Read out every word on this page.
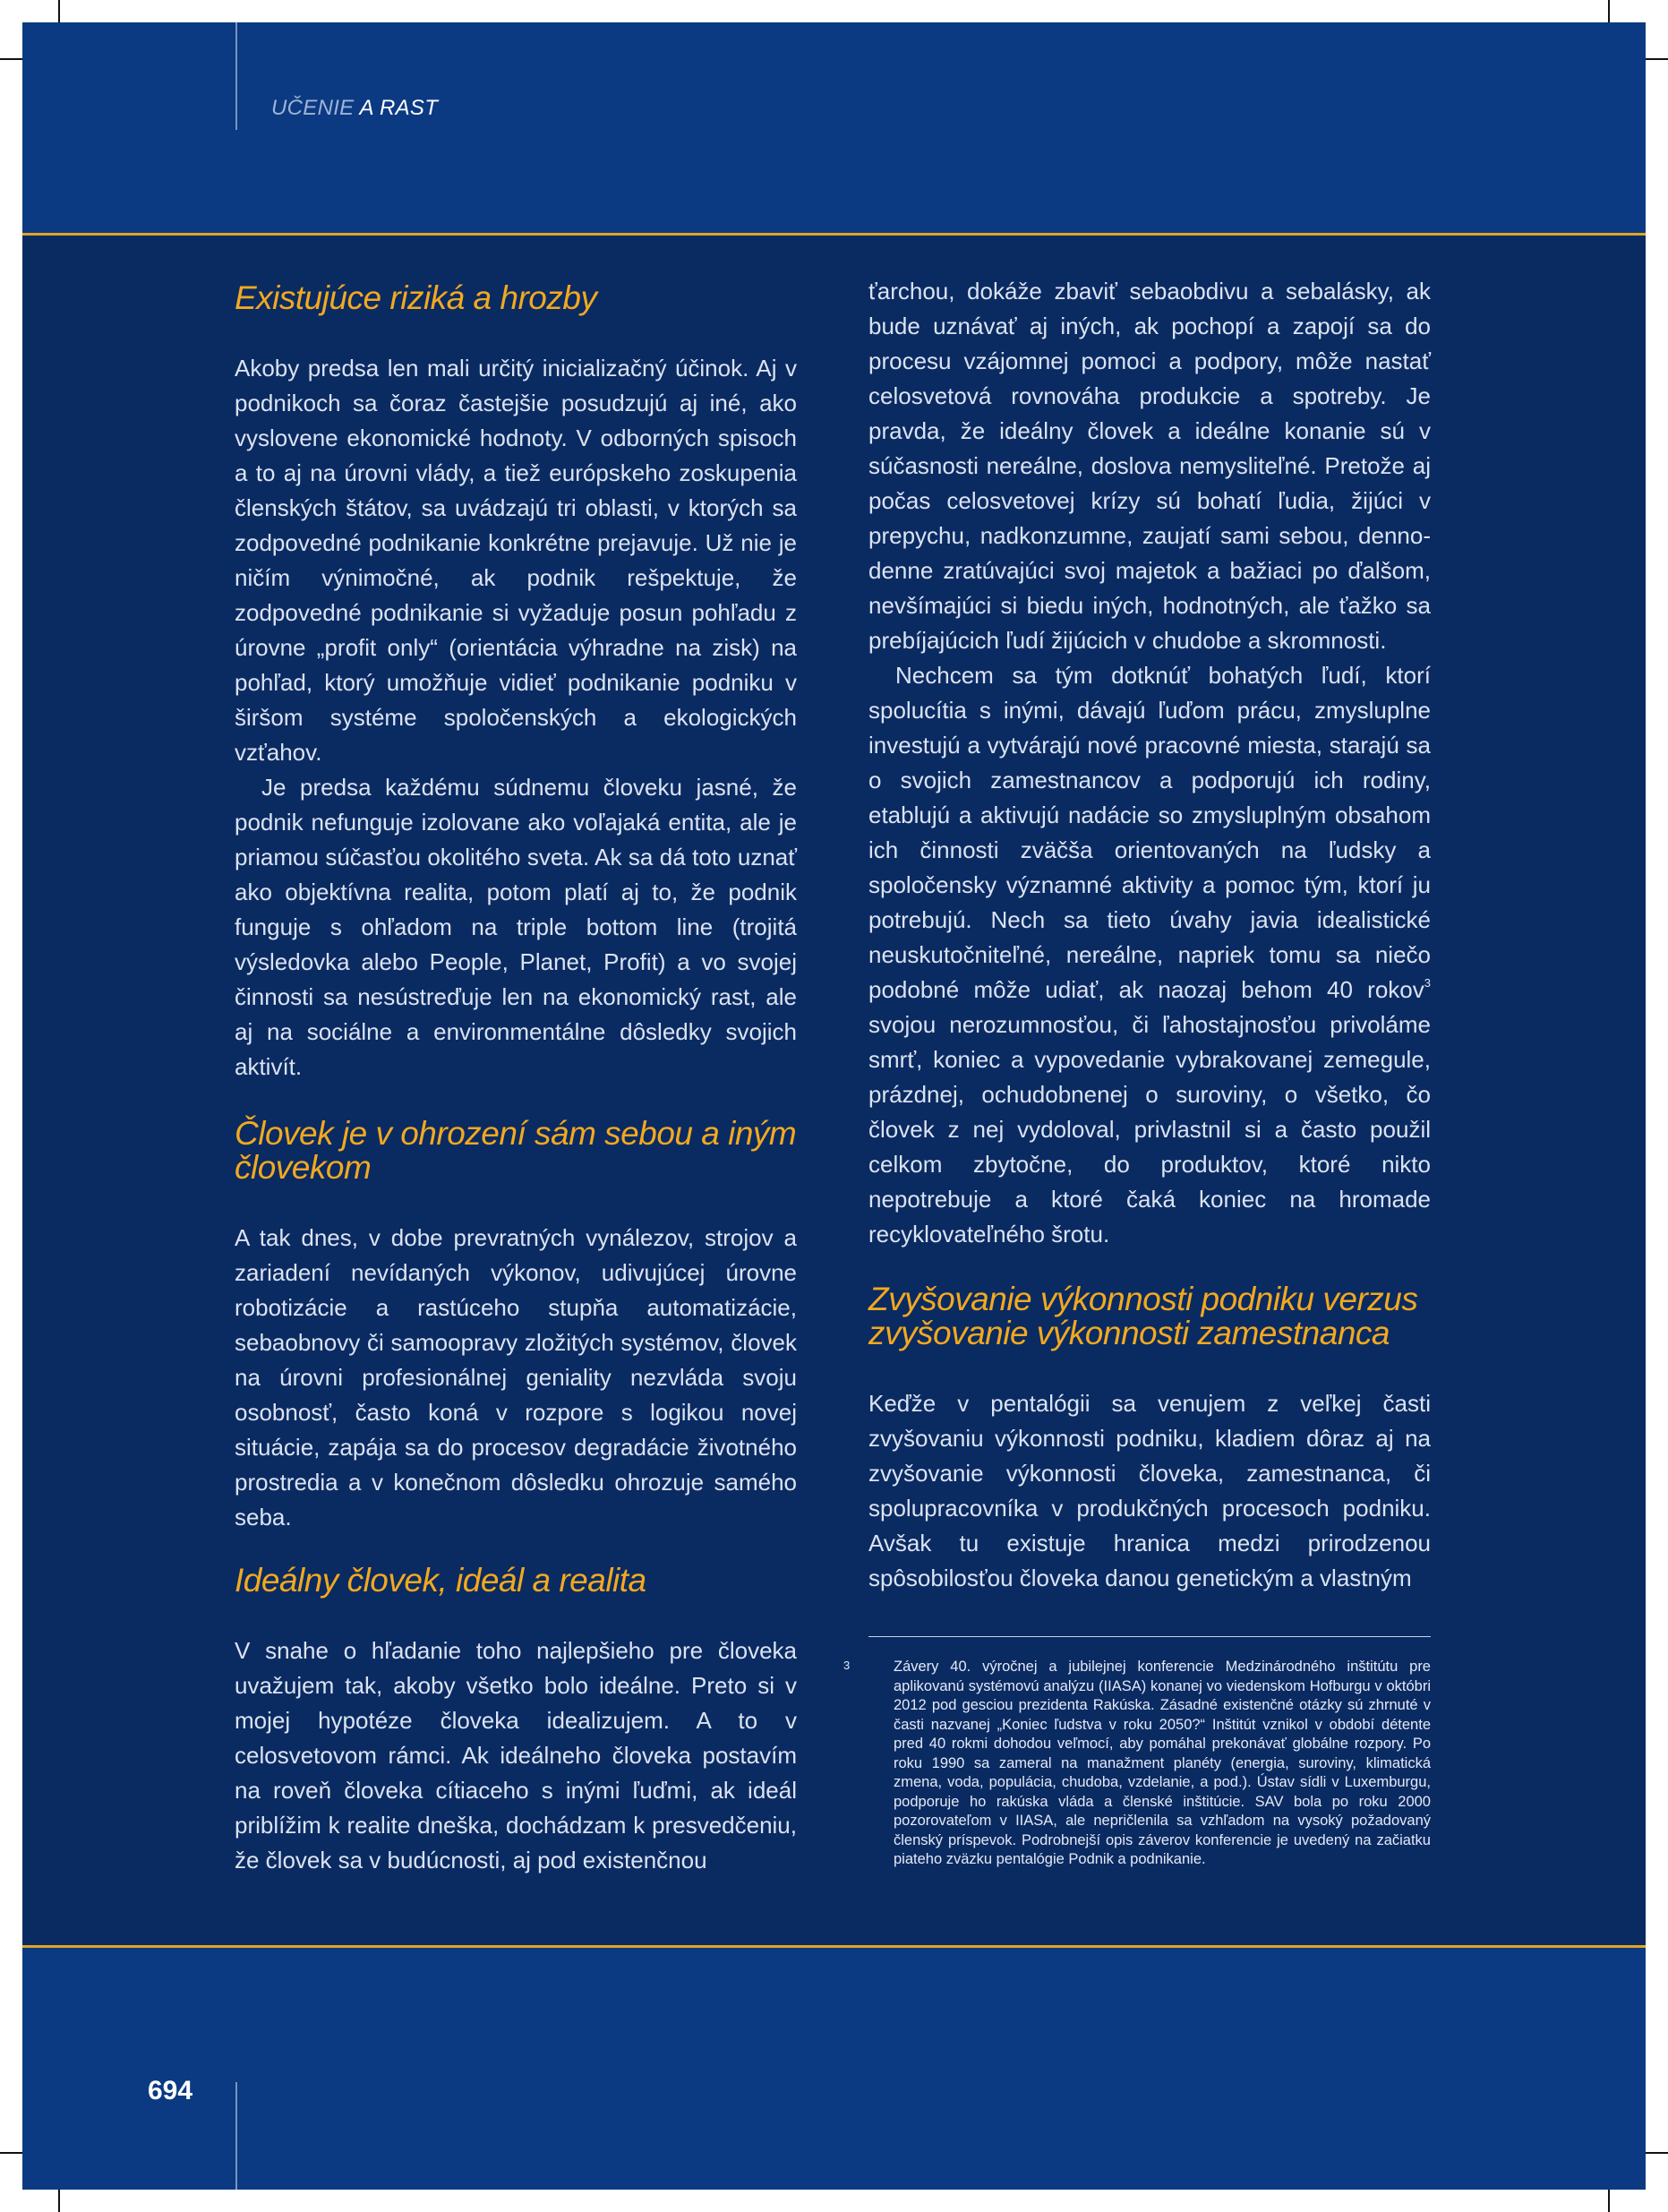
UČENIE A RAST
694
Existujúce riziká a hrozby

Akoby predsa len mali určitý inicializačný účinok. Aj v podnikoch sa čoraz častejšie posudzujú aj iné, ako vyslovene ekonomické hodnoty. V odborných spisoch a to aj na úrovni vlády, a tiež európskeho zoskupenia členských štátov, sa uvádzajú tri oblasti, v ktorých sa zodpovedné podnikanie konkrétne prejavuje. Už nie je ničím výnimočné, ak podnik rešpektuje, že zodpovedné podnikanie si vyžaduje posun pohľadu z úrovne „profit only“ (orientácia výhradne na zisk) na pohľad, ktorý umožňuje vidieť podnikanie podniku v širšom systéme spoločenských a ekologických vzťahov.

Je predsa každému súdnemu človeku jasné, že podnik nefunguje izolovane ako voľajaká entita, ale je priamou súčasťou okolitého sveta. Ak sa dá toto uznať ako objektívna realita, potom platí aj to, že podnik funguje s ohľadom na triple bottom line (trojitá výsledovka alebo People, Planet, Profit) a vo svojej činnosti sa nesústreďuje len na ekonomický rast, ale aj na sociálne a environmentálne dôsledky svojich aktivít.

Človek je v ohrození sám sebou a iným človekom

A tak dnes, v dobe prevratných vynálezov, strojov a zariadení nevídaných výkonov, udivujúcej úrovne robotizácie a rastúceho stupňa automatizácie, sebaobnovy či samoopravy zložitých systémov, človek na úrovni profesionálnej geniality nezvláda svoju osobnosť, často koná v rozpore s logikou novej situácie, zapája sa do procesov degradácie životného prostredia a v konečnom dôsledku ohrozuje samého seba.

Ideálny človek, ideál a realita

V snahe o hľadanie toho najlepšieho pre človeka uvažujem tak, akoby všetko bolo ideálne. Preto si v mojej hypotéze človeka idealizujem. A to v celosvetovom rámci. Ak ideálneho človeka postavím na roveň človeka cítiaceho s inými ľuďmi, ak ideál priblížim k realite dneška, dochádzam k presvedčeniu, že človek sa v budúcnosti, aj pod existenčnou

ťarchou, dokáže zbaviť sebaobdivu a sebalásky, ak bude uznávať aj iných, ak pochopí a zapojí sa do procesu vzájomnej pomoci a podpory, môže nastať celosvetová rovnováha produkcie a spotreby. Je pravda, že ideálny človek a ideálne konanie sú v súčasnosti nereálne, doslova nemysliteľné. Pretože aj počas celosvetovej krízy sú bohatí ľudia, žijúci v prepychu, nadkonzumne, zaujatí sami sebou, denno-denne zratúvajúci svoj majetok a bažiaci po ďalšom, nevšímajúci si biedu iných, hodnotných, ale ťažko sa prebíjajúcich ľudí žijúcich v chudobe a skromnosti.

Nechcem sa tým dotknúť bohatých ľudí, ktorí spolucítia s inými, dávajú ľuďom prácu, zmysluplne investujú a vytvárajú nové pracovné miesta, starajú sa o svojich zamestnancov a podporujú ich rodiny, etablujú a aktivujú nadácie so zmysluplným obsahom ich činnosti zväčša orientovaných na ľudsky a spoločensky významné aktivity a pomoc tým, ktorí ju potrebujú. Nech sa tieto úvahy javia idealistické neuskutočniteľné, nereálne, napriek tomu sa niečo podobné môže udiať, ak naozaj behom 40 rokov$^3$ svojou nerozumnosťou, či ľahostajnosťou privoláme smrť, koniec a vypovedanie vybrakovanej zemegule, prázdnej, ochudobnenej o suroviny, o všetko, čo človek z nej vydoloval, privlastnil si a často použil celkom zbytočne, do produktov, ktoré nikto nepotrebuje a ktoré čaká koniec na hromade recyklovateľného šrotu.

Zvyšovanie výkonnosti podniku verzus zvyšovanie výkonnosti zamestnanca

Keďže v pentalógii sa venujem z veľkej časti zvyšovaniu výkonnosti podniku, kladiem dôraz aj na zvyšovanie výkonnosti človeka, zamestnanca, či spolupracovníka v produkčných procesoch podniku. Avšak tu existuje hranica medzi prirodzenou spôsobilosťou človeka danou genetickým a vlastným

3	Závery 40. výročnej a jubilejnej konferencie Medzinárodného inštitútu pre aplikovanú systémovú analýzu (IIASA) konanej vo viedenskom Hofburgu v októbri 2012 pod gesciou prezidenta Rakúska. Zásadné existenčné otázky sú zhrnuté v časti nazvanej „Koniec ľudstva v roku 2050?“ Inštitút vznikol v období détente pred 40 rokmi dohodou veľmocí, aby pomáhal prekonávať globálne rozpory. Po roku 1990 sa zameral na manažment planéty (energia, suroviny, klimatická zmena, voda, populácia, chudoba, vzdelanie, a pod.). Ústav sídli v Luxemburgu, podporuje ho rakúska vláda a členské inštitúcie. SAV bola po roku 2000 pozorovateľom v IIASA, ale nepričlenila sa vzhľadom na vysoký požadovaný členský príspevok. Podrobnejší opis záverov konferencie je uvedený na začiatku piateho zväzku pentalógie Podnik a podnikanie.
